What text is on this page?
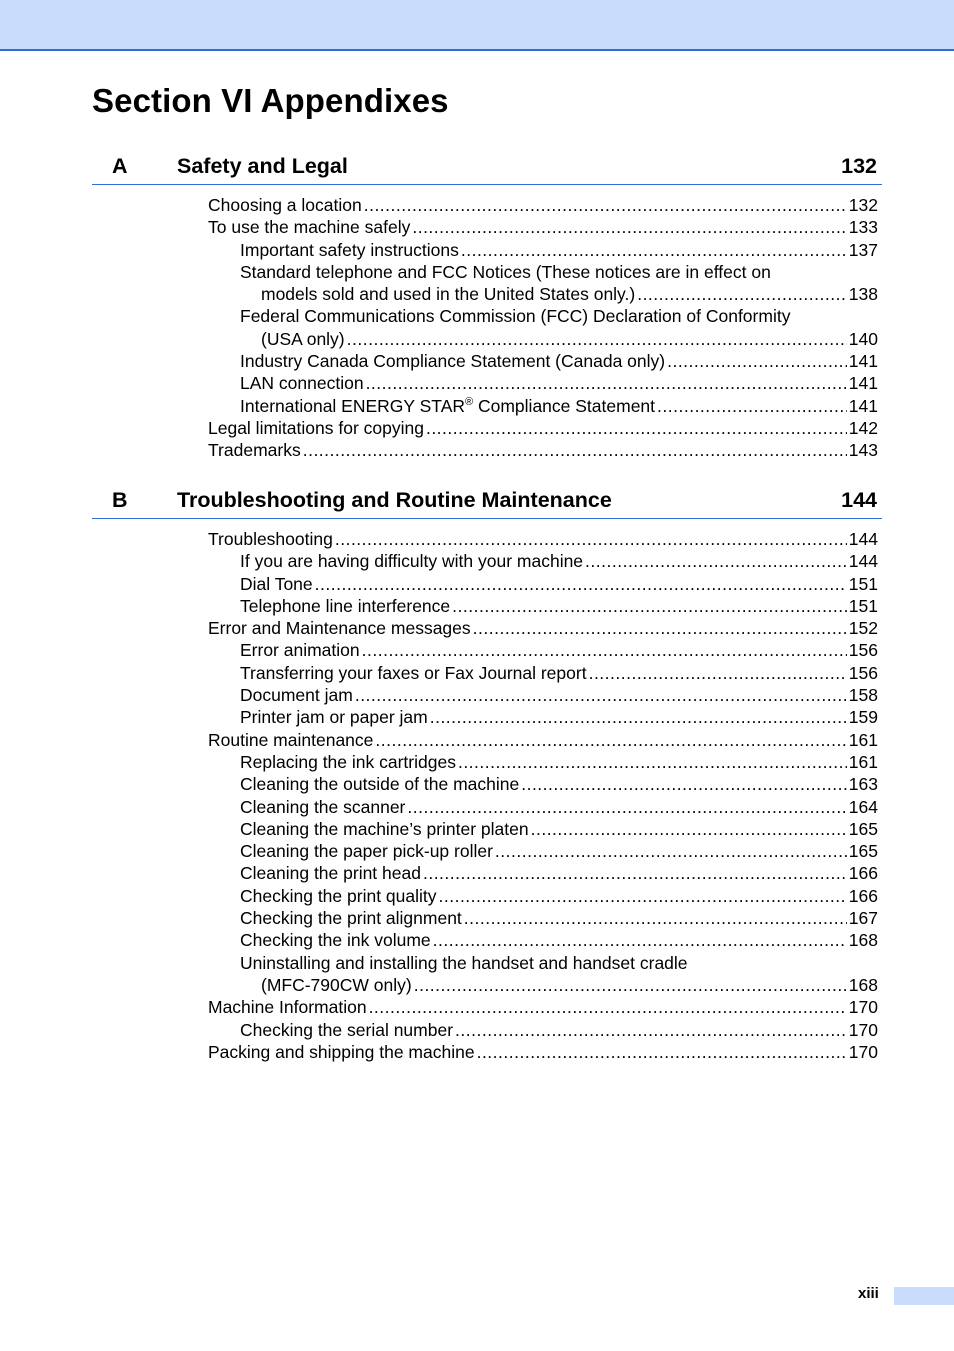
Section VI Appendixes
A Safety and Legal	132
Choosing a location .....	132
To use the machine safely .....	133
Important safety instructions .....	137
Standard telephone and FCC Notices (These notices are in effect on
models sold and used in the United States only.) .....	138
Federal Communications Commission (FCC) Declaration of Conformity
(USA only) .....	140
Industry Canada Compliance Statement (Canada only) .....	141
LAN connection .....	141
International ENERGY STAR® Compliance Statement .....	141
Legal limitations for copying .....	142
Trademarks .....	143
B Troubleshooting and Routine Maintenance	144
Troubleshooting .....	144
If you are having difficulty with your machine .....	144
Dial Tone .....	151
Telephone line interference .....	151
Error and Maintenance messages .....	152
Error animation .....	156
Transferring your faxes or Fax Journal report .....	156
Document jam .....	158
Printer jam or paper jam .....	159
Routine maintenance .....	161
Replacing the ink cartridges .....	161
Cleaning the outside of the machine .....	163
Cleaning the scanner .....	164
Cleaning the machine’s printer platen .....	165
Cleaning the paper pick-up roller .....	165
Cleaning the print head .....	166
Checking the print quality .....	166
Checking the print alignment .....	167
Checking the ink volume .....	168
Uninstalling and installing the handset and handset cradle
(MFC-790CW only) .....	168
Machine Information .....	170
Checking the serial number .....	170
Packing and shipping the machine .....	170
xiii
